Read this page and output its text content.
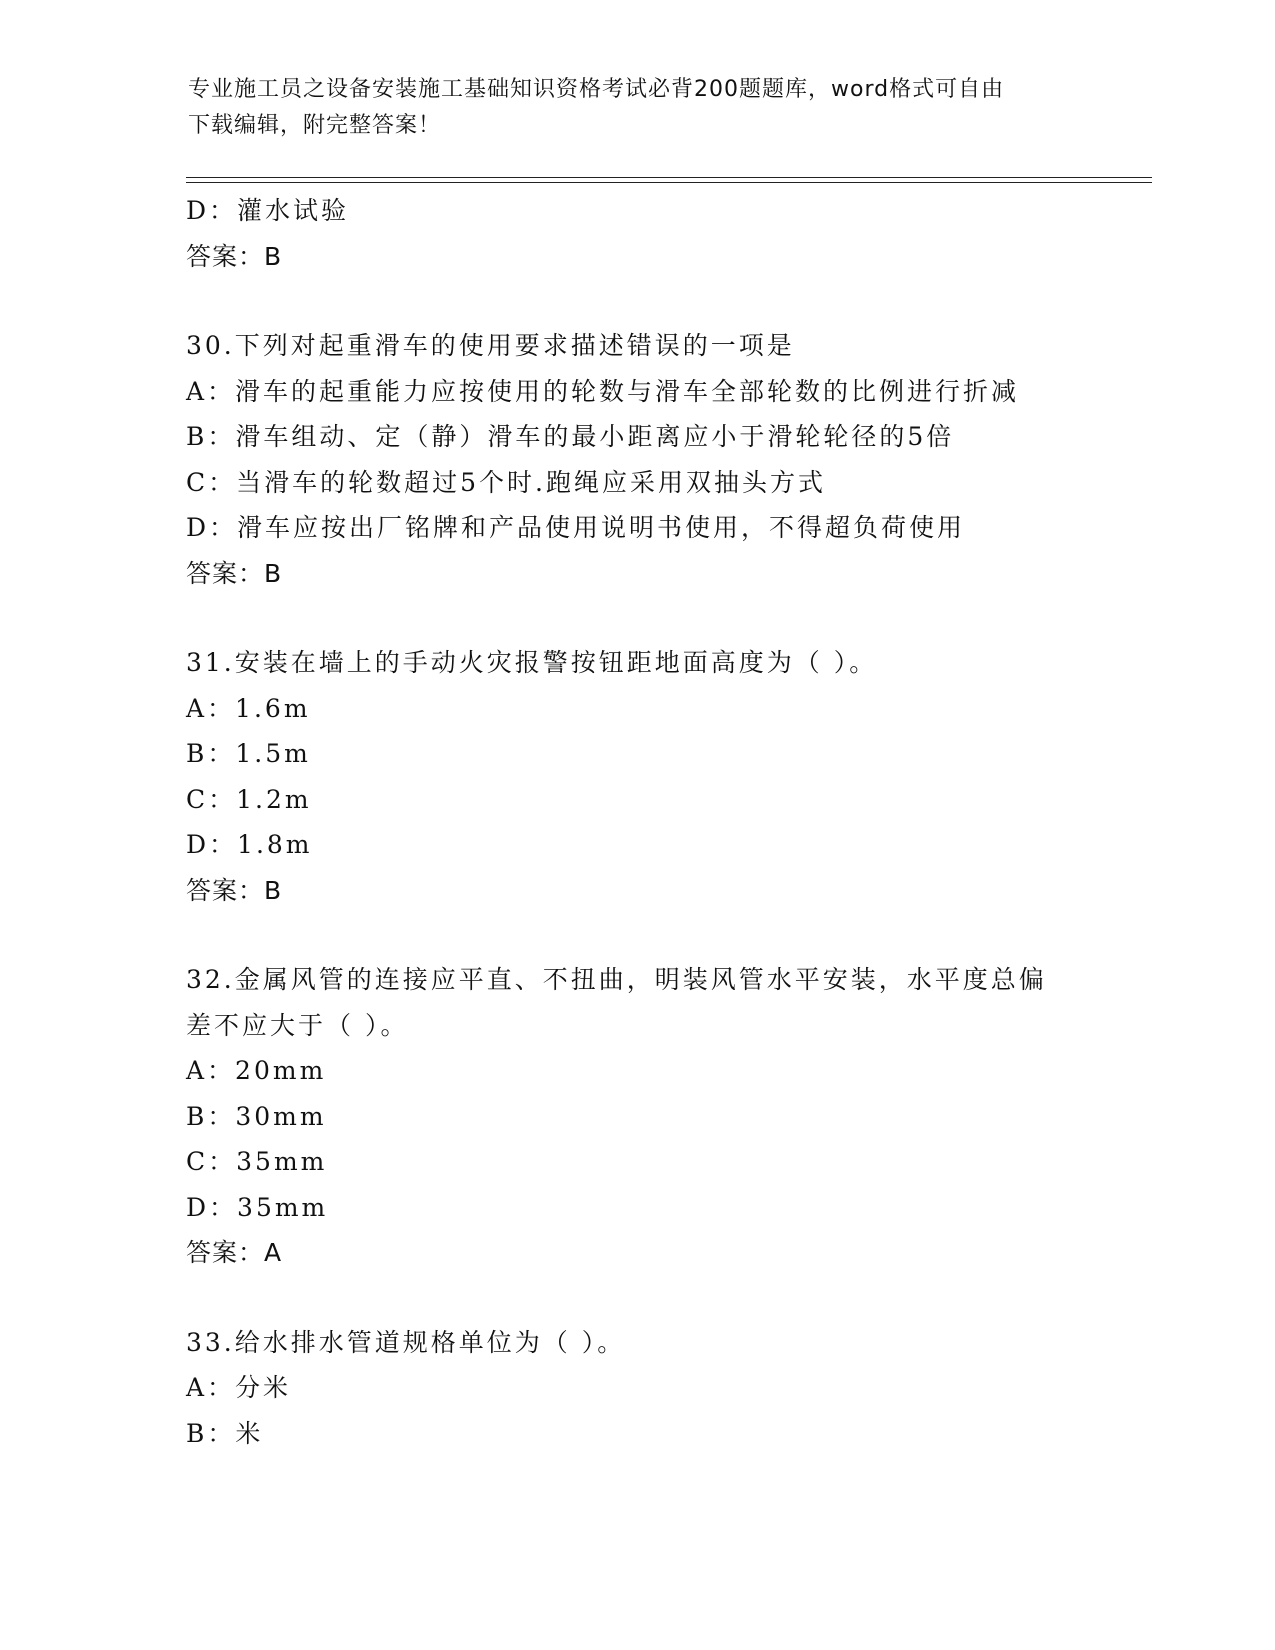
专业施工员之设备安装施工基础知识资格考试必背200题题库，word格式可自由
下载编辑，附完整答案！
D：灌水试验
答案：B
30.下列对起重滑车的使用要求描述错误的一项是
A：滑车的起重能力应按使用的轮数与滑车全部轮数的比例进行折减
B：滑车组动、定（静）滑车的最小距离应小于滑轮轮径的5倍
C：当滑车的轮数超过5个时.跑绳应采用双抽头方式
D：滑车应按出厂铭牌和产品使用说明书使用，不得超负荷使用
答案：B
31.安装在墙上的手动火灾报警按钮距地面高度为（ ）。
A：1.6m
B：1.5m
C：1.2m
D：1.8m
答案：B
32.金属风管的连接应平直、不扭曲，明装风管水平安装，水平度总偏
差不应大于（ ）。
A：20mm
B：30mm
C：35mm
D：35mm
答案：A
33.给水排水管道规格单位为（ ）。
A：分米
B：米
